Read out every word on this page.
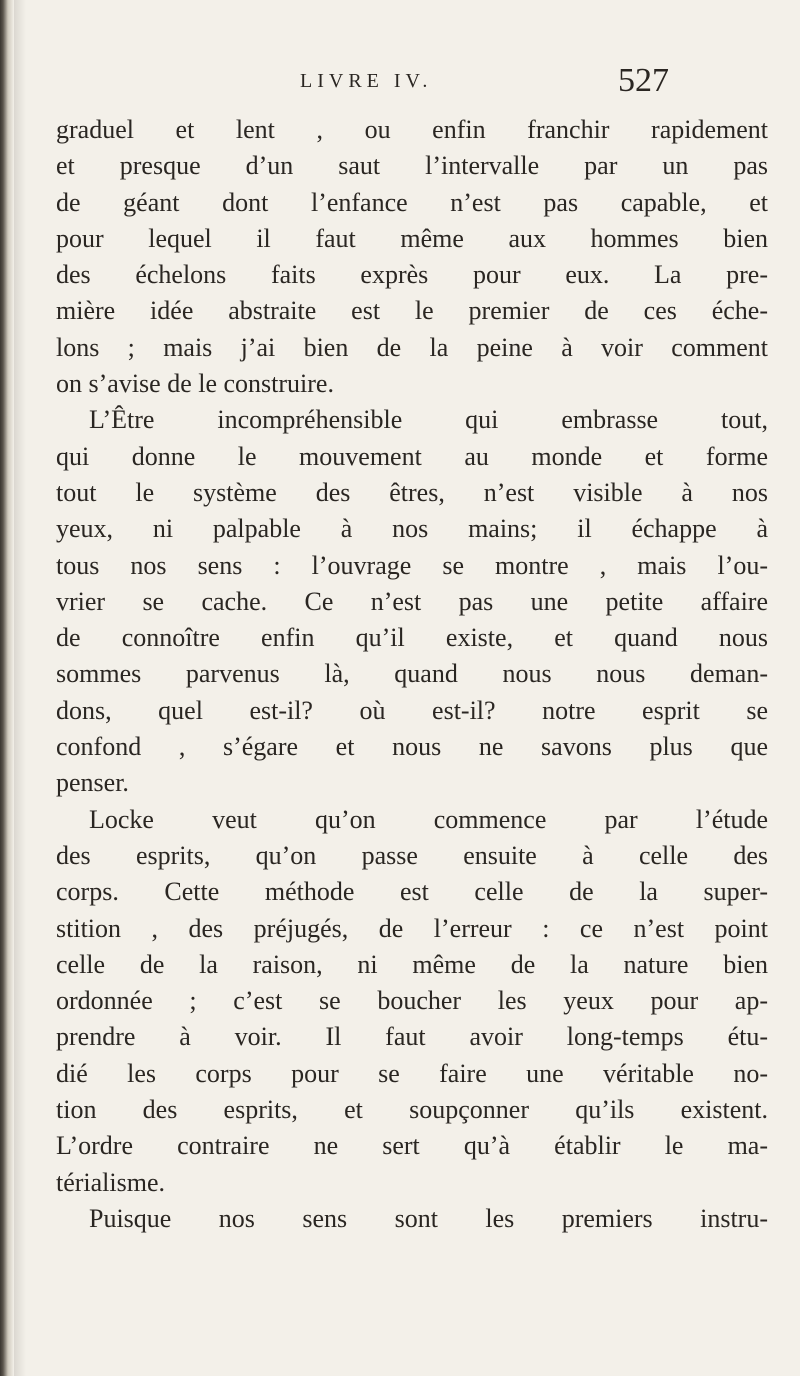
LIVRE IV.	527
graduel et lent , ou enfin franchir rapidement
et presque d’un saut l’intervalle par un pas
de géant dont l’enfance n’est pas capable, et
pour lequel il faut même aux hommes bien
des échelons faits exprès pour eux. La pre-
mière idée abstraite est le premier de ces éche-
lons ; mais j’ai bien de la peine à voir comment
on s’avise de le construire.
L’Être incompréhensible qui embrasse tout,
qui donne le mouvement au monde et forme
tout le système des êtres, n’est visible à nos
yeux, ni palpable à nos mains; il échappe à
tous nos sens : l’ouvrage se montre , mais l’ou-
vrier se cache. Ce n’est pas une petite affaire
de connoître enfin qu’il existe, et quand nous
sommes parvenus là, quand nous nous deman-
dons, quel est-il? où est-il? notre esprit se
confond , s’égare et nous ne savons plus que
penser.
Locke veut qu’on commence par l’étude
des esprits, qu’on passe ensuite à celle des
corps. Cette méthode est celle de la super-
stition , des préjugés, de l’erreur : ce n’est point
celle de la raison, ni même de la nature bien
ordonnée ; c’est se boucher les yeux pour ap-
prendre à voir. Il faut avoir long-temps étu-
dié les corps pour se faire une véritable no-
tion des esprits, et soupçonner qu’ils existent.
L’ordre contraire ne sert qu’à établir le ma-
térialisme.
Puisque nos sens sont les premiers instru-
